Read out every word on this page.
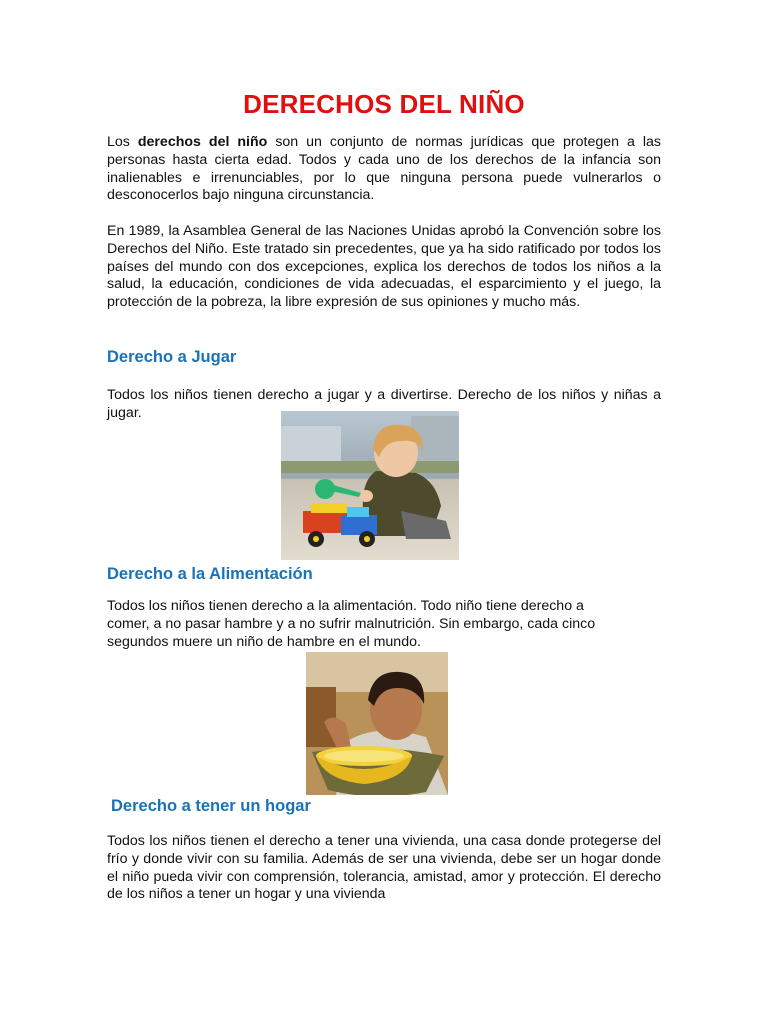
DERECHOS DEL NIÑO

Los derechos del niño son un conjunto de normas jurídicas que protegen a las personas hasta cierta edad. Todos y cada uno de los derechos de la infancia son inalienables e irrenunciables, por lo que ninguna persona puede vulnerarlos o desconocerlos bajo ninguna circunstancia.

En 1989, la Asamblea General de las Naciones Unidas aprobó la Convención sobre los Derechos del Niño. Este tratado sin precedentes, que ya ha sido ratificado por todos los países del mundo con dos excepciones, explica los derechos de todos los niños a la salud, la educación, condiciones de vida adecuadas, el esparcimiento y el juego, la protección de la pobreza, la libre expresión de sus opiniones y mucho más.

Derecho a Jugar

Todos los niños tienen derecho a jugar y a divertirse. Derecho de los niños y niñas a jugar.

Derecho a la Alimentación

Todos los niños tienen derecho a la alimentación. Todo niño tiene derecho a comer, a no pasar hambre y a no sufrir malnutrición. Sin embargo, cada cinco segundos muere un niño de hambre en el mundo.

Derecho a tener un hogar

Todos los niños tienen el derecho a tener una vivienda, una casa donde protegerse del frío y donde vivir con su familia. Además de ser una vivienda, debe ser un hogar donde el niño pueda vivir con comprensión, tolerancia, amistad, amor y protección. El derecho de los niños a tener un hogar y una vivienda
